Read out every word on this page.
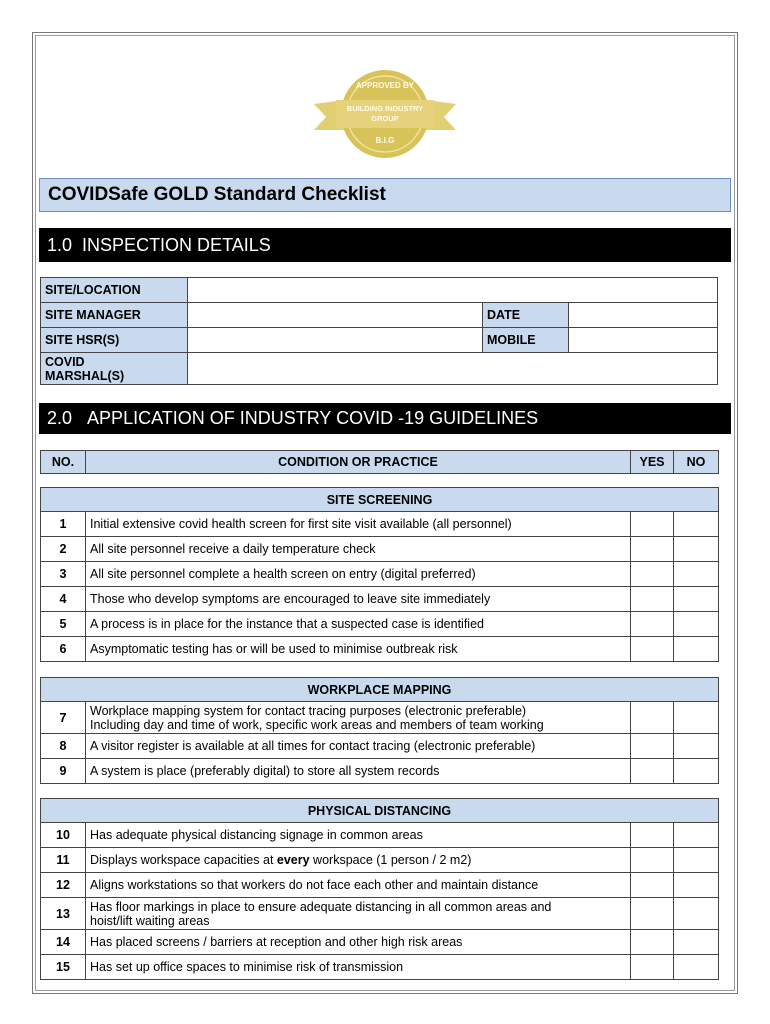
APPROVED BY
BUILDING INDUSTRY
GROUP
B.I.G
COVIDSafe GOLD Standard Checklist
1.0 INSPECTION DETAILS
SITE/LOCATION			
SITE MANAGER		DATE	
SITE HSR(S)		MOBILE	
COVID
MARSHAL(S)			
2.0 APPLICATION OF INDUSTRY COVID -19 GUIDELINES
NO.	CONDITION OR PRACTICE	YES	NO
SITE SCREENING			
1	Initial extensive covid health screen for first site visit available (all personnel)		
2	All site personnel receive a daily temperature check		
3	All site personnel complete a health screen on entry (digital preferred)		
4	Those who develop symptoms are encouraged to leave site immediately		
5	A process is in place for the instance that a suspected case is identified		
6	Asymptomatic testing has or will be used to minimise outbreak risk		
WORKPLACE MAPPING			
7	Workplace mapping system for contact tracing purposes (electronic preferable)
Including day and time of work, specific work areas and members of team working		
8	A visitor register is available at all times for contact tracing (electronic preferable)		
9	A system is place (preferably digital) to store all system records		
PHYSICAL DISTANCING			
10	Has adequate physical distancing signage in common areas		
11	Displays workspace capacities at every workspace (1 person / 2 m2)		
12	Aligns workstations so that workers do not face each other and maintain distance		
13	Has floor markings in place to ensure adequate distancing in all common areas and
hoist/lift waiting areas		
14	Has placed screens / barriers at reception and other high risk areas		
15	Has set up office spaces to minimise risk of transmission		
